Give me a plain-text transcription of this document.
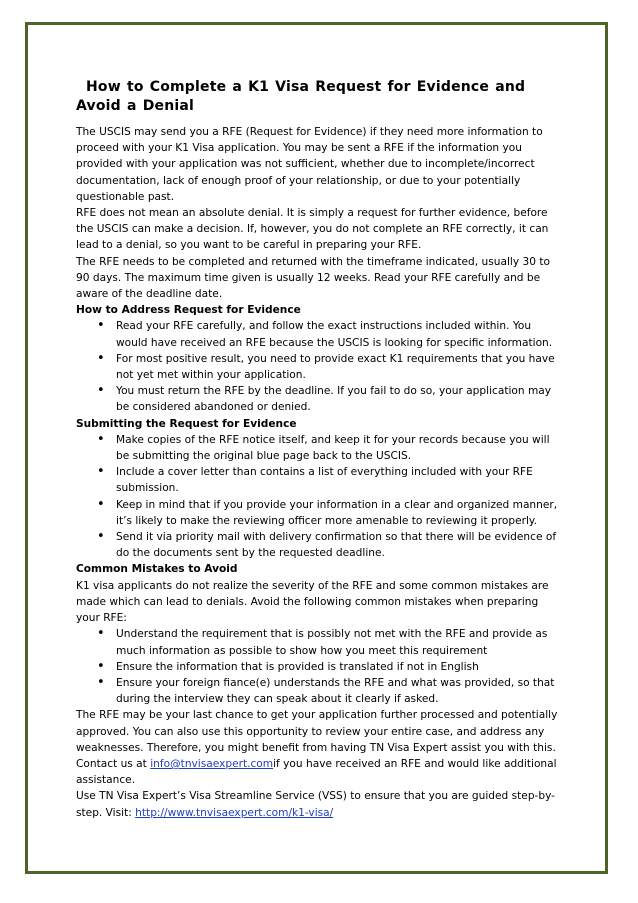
How to Complete a K1 Visa Request for Evidence and
Avoid a Denial

The USCIS may send you a RFE (Request for Evidence) if they need more information to proceed with your K1 Visa application. You may be sent a RFE if the information you provided with your application was not sufficient, whether due to incomplete/incorrect documentation, lack of enough proof of your relationship, or due to your potentially questionable past.

RFE does not mean an absolute denial. It is simply a request for further evidence, before the USCIS can make a decision. If, however, you do not complete an RFE correctly, it can lead to a denial, so you want to be careful in preparing your RFE.

The RFE needs to be completed and returned with the timeframe indicated, usually 30 to 90 days. The maximum time given is usually 12 weeks. Read your RFE carefully and be aware of the deadline date.

How to Address Request for Evidence
• Read your RFE carefully, and follow the exact instructions included within. You would have received an RFE because the USCIS is looking for specific information.
• For most positive result, you need to provide exact K1 requirements that you have not yet met within your application.
• You must return the RFE by the deadline. If you fail to do so, your application may be considered abandoned or denied.
Submitting the Request for Evidence
• Make copies of the RFE notice itself, and keep it for your records because you will be submitting the original blue page back to the USCIS.
• Include a cover letter than contains a list of everything included with your RFE submission.
• Keep in mind that if you provide your information in a clear and organized manner, it’s likely to make the reviewing officer more amenable to reviewing it properly.
• Send it via priority mail with delivery confirmation so that there will be evidence of do the documents sent by the requested deadline.
Common Mistakes to Avoid

K1 visa applicants do not realize the severity of the RFE and some common mistakes are made which can lead to denials. Avoid the following common mistakes when preparing your RFE:

• Understand the requirement that is possibly not met with the RFE and provide as much information as possible to show how you meet this requirement
• Ensure the information that is provided is translated if not in English
• Ensure your foreign fiance(e) understands the RFE and what was provided, so that during the interview they can speak about it clearly if asked.

The RFE may be your last chance to get your application further processed and potentially approved. You can also use this opportunity to review your entire case, and address any weaknesses. Therefore, you might benefit from having TN Visa Expert assist you with this. Contact us at info@tnvisaexpert.comif you have received an RFE and would like additional assistance.

Use TN Visa Expert’s Visa Streamline Service (VSS) to ensure that you are guided step-by-step. Visit: http://www.tnvisaexpert.com/k1-visa/
